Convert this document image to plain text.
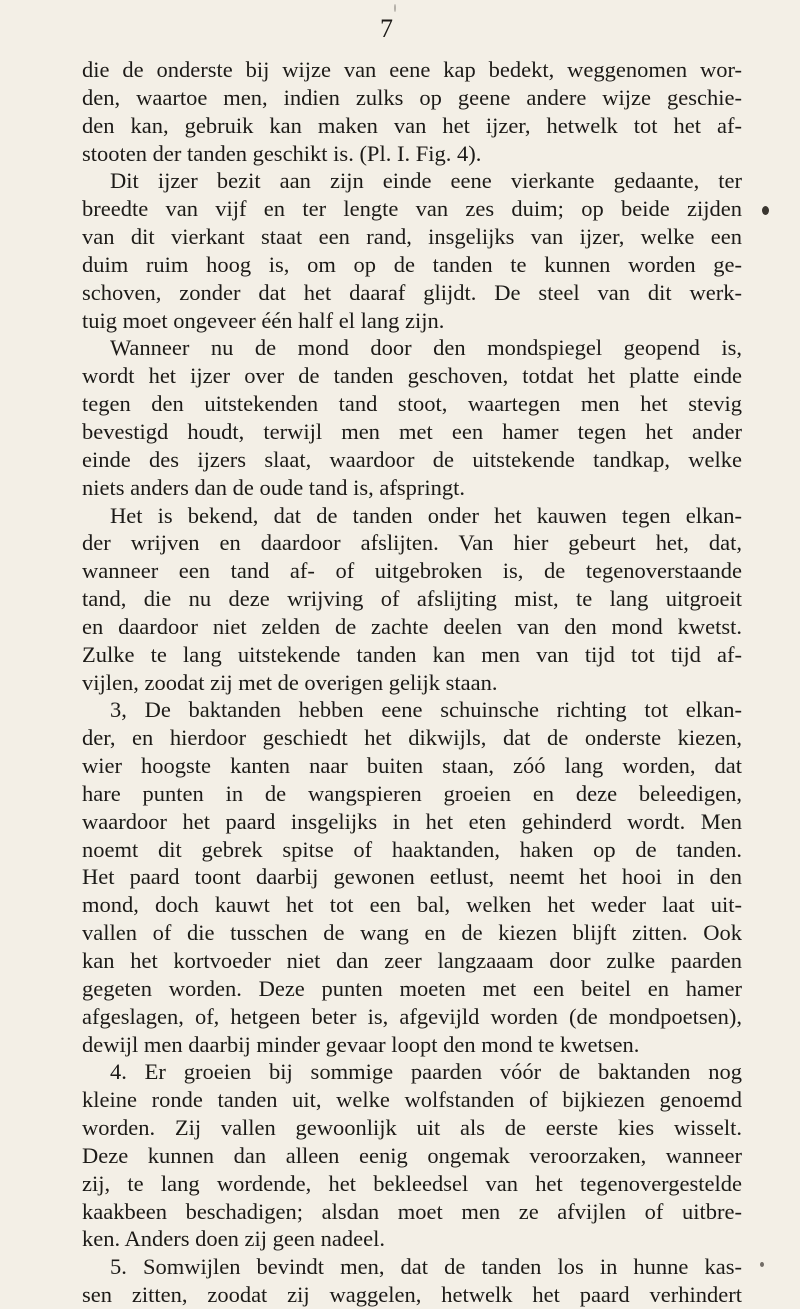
7
die de onderste bij wijze van eene kap bedekt, weggenomen wor-
den, waartoe men, indien zulks op geene andere wijze geschie-
den kan, gebruik kan maken van het ijzer, hetwelk tot het af-
stooten der tanden geschikt is. (Pl. I. Fig. 4).
Dit ijzer bezit aan zijn einde eene vierkante gedaante, ter
breedte van vijf en ter lengte van zes duim; op beide zijden
van dit vierkant staat een rand, insgelijks van ijzer, welke een
duim ruim hoog is, om op de tanden te kunnen worden ge-
schoven, zonder dat het daaraf glijdt. De steel van dit werk-
tuig moet ongeveer één half el lang zijn.
Wanneer nu de mond door den mondspiegel geopend is,
wordt het ijzer over de tanden geschoven, totdat het platte einde
tegen den uitstekenden tand stoot, waartegen men het stevig
bevestigd houdt, terwijl men met een hamer tegen het ander
einde des ijzers slaat, waardoor de uitstekende tandkap, welke
niets anders dan de oude tand is, afspringt.
Het is bekend, dat de tanden onder het kauwen tegen elkan-
der wrijven en daardoor afslijten. Van hier gebeurt het, dat,
wanneer een tand af- of uitgebroken is, de tegenoverstaande
tand, die nu deze wrijving of afslijting mist, te lang uitgroeit
en daardoor niet zelden de zachte deelen van den mond kwetst.
Zulke te lang uitstekende tanden kan men van tijd tot tijd af-
vijlen, zoodat zij met de overigen gelijk staan.
3, De baktanden hebben eene schuinsche richting tot elkan-
der, en hierdoor geschiedt het dikwijls, dat de onderste kiezen,
wier hoogste kanten naar buiten staan, zóó lang worden, dat
hare punten in de wangspieren groeien en deze beleedigen,
waardoor het paard insgelijks in het eten gehinderd wordt. Men
noemt dit gebrek spitse of haaktanden, haken op de tanden.
Het paard toont daarbij gewonen eetlust, neemt het hooi in den
mond, doch kauwt het tot een bal, welken het weder laat uit-
vallen of die tusschen de wang en de kiezen blijft zitten. Ook
kan het kortvoeder niet dan zeer langzaaam door zulke paarden
gegeten worden. Deze punten moeten met een beitel en hamer
afgeslagen, of, hetgeen beter is, afgevijld worden (de mondpoetsen),
dewijl men daarbij minder gevaar loopt den mond te kwetsen.
4. Er groeien bij sommige paarden vóór de baktanden nog
kleine ronde tanden uit, welke wolfstanden of bijkiezen genoemd
worden. Zij vallen gewoonlijk uit als de eerste kies wisselt.
Deze kunnen dan alleen eenig ongemak veroorzaken, wanneer
zij, te lang wordende, het bekleedsel van het tegenovergestelde
kaakbeen beschadigen; alsdan moet men ze afvijlen of uitbre-
ken. Anders doen zij geen nadeel.
5. Somwijlen bevindt men, dat de tanden los in hunne kas-
sen zitten, zoodat zij waggelen, hetwelk het paard verhindert
